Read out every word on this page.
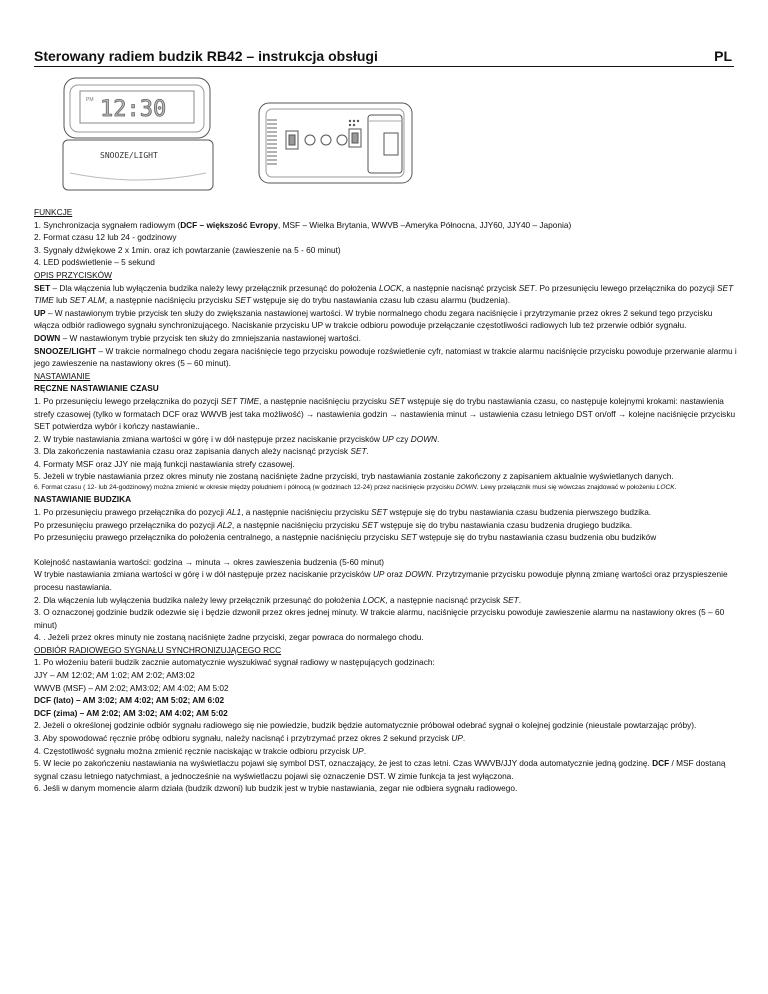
Sterowany radiem budzik RB42 – instrukcja obsługi	PL
PM 12:30
SNOOZE/LIGHT

FUNKCJE

1. Synchronizacja sygnałem radiowym (DCF – większość Evropy, MSF – Wielka Brytania, WWVB –Ameryka Północna, JJY60, JJY40 – Japonia)

2. Format czasu 12 lub 24 - godzinowy

3. Sygnały dźwiękowe 2 x 1min. oraz ich powtarzanie (zawieszenie na 5 - 60 minut)

4. LED podświetlenie – 5 sekund

OPIS PRZYCISKÓW

SET – Dla włączenia lub wyłączenia budzika należy lewy przełącznik przesunąć do położenia LOCK, a następnie nacisnąć przycisk SET. Po przesunięciu lewego przełącznika do pozycji SET TIME lub SET ALM, a następnie naciśnięciu przycisku SET wstępuje się do trybu nastawiania czasu lub czasu alarmu (budzenia).

UP – W nastawionym trybie przycisk ten służy do zwiększania nastawionej wartości. W trybie normalnego chodu zegara naciśnięcie i przytrzymanie przez okres 2 sekund tego przycisku włącza odbiór radiowego sygnału synchronizującego. Naciskanie przycisku UP w trakcie odbioru powoduje przełączanie częstotliwości radiowych lub też przerwie odbiór sygnału.

DOWN – W nastawionym trybie przycisk ten służy do zmniejszania nastawionej wartości.

SNOOZE/LIGHT – W trakcie normalnego chodu zegara naciśnięcie tego przycisku powoduje rozświetlenie cyfr, natomiast w trakcie alarmu naciśnięcie przycisku powoduje przerwanie alarmu i jego zawieszenie na nastawiony okres (5 – 60 minut).

NASTAWIANIE

RĘCZNE NASTAWIANIE CZASU

1. Po przesunięciu lewego przełącznika do pozycji SET TIME, a następnie naciśnięciu przycisku SET wstępuje się do trybu nastawiania czasu, co następuje kolejnymi krokami: nastawienia strefy czasowej (tylko w formatach DCF oraz WWVB jest taka możliwość) → nastawienia godzin → nastawienia minut → ustawienia czasu letniego DST on/off → kolejne naciśnięcie przycisku SET potwierdza wybór i kończy nastawianie..

2. W trybie nastawiania zmiana wartości w górę i w dół następuje przez naciskanie przycisków UP czy DOWN.

3. Dla zakończenia nastawiania czasu oraz zapisania danych ależy nacisnąć przycisk SET.

4. Formaty MSF oraz JJY nie mają funkcji nastawiania strefy czasowej.

5. Jeżeli w trybie nastawiania przez okres minuty nie zostaną naciśnięte żadne przyciski, tryb nastawiania zostanie zakończony z zapisaniem aktualnie wyświetlanych danych.

6. Format czasu ( 12- lub 24-godzinowy) można zmienić w okresie między południem i północą (w godzinach 12-24) przez naciśnięcie przycisku DOWN. Lewy przełącznik musi się wówczas znajdować w położeniu LOCK.

NASTAWIANIE BUDZIKA

1. Po przesunięciu prawego przełącznika do pozycji AL1, a następnie naciśnięciu przycisku SET wstępuje się do trybu nastawiania czasu budzenia pierwszego budzika.

Po przesunięciu prawego przełącznika do pozycji AL2, a następnie naciśnięciu przycisku SET wstępuje się do trybu nastawiania czasu budzenia drugiego budzika.

Po przesunięciu prawego przełącznika do położenia centralnego, a następnie naciśnięciu przycisku SET wstępuje się do trybu nastawiania czasu budzenia obu budzików

Kolejność nastawiania wartości: godzina → minuta → okres zawieszenia budzenia (5-60 minut)

W trybie nastawiania zmiana wartości w górę i w dół następuje przez naciskanie przycisków UP oraz DOWN. Przytrzymanie przycisku powoduje płynną zmianę wartości oraz przyspieszenie procesu nastawiania.

2. Dla włączenia lub wyłączenia budzika należy lewy przełącznik przesunąć do położenia LOCK, a następnie nacisnąć przycisk SET.

3. O oznaczonej godzinie budzik odezwie się i będzie dzwonił przez okres jednej minuty. W trakcie alarmu, naciśnięcie przycisku powoduje zawieszenie alarmu na nastawiony okres (5 – 60 minut)

4. . Jeżeli przez okres minuty nie zostaną naciśnięte żadne przyciski, zegar powraca do normalego chodu.

ODBIÓR RADIOWEGO SYGNAŁU SYNCHRONIZUJĄCEGO RCC

1. Po włożeniu baterii budzik zacznie automatycznie wyszukiwać sygnał radiowy w następujących godzinach:

JJY – AM 12:02; AM 1:02; AM 2:02; AM3:02

WWVB (MSF) – AM 2:02; AM3:02; AM 4:02; AM 5:02

DCF (lato) – AM 3:02; AM 4:02; AM 5:02; AM 6:02

DCF (zima) – AM 2:02; AM 3:02; AM 4:02; AM 5:02

2. Jeżeli o określonej godzinie odbiór sygnału radiowego się nie powiedzie, budzik będzie automatycznie próbował odebrać sygnał o kolejnej godzinie (nieustale powtarzając próby).

3. Aby spowodować ręcznie próbę odbioru sygnału, należy nacisnąć i przytrzymać przez okres 2 sekund przycisk UP.

4. Częstotliwość sygnału można zmienić ręcznie naciskając w trakcie odbioru przycisk UP.

5. W lecie po zakończeniu nastawiania na wyświetlaczu pojawi się symbol DST, oznaczający, że jest to czas letni. Czas WWVB/JJY doda automatycznie jedną godzinę. DCF / MSF dostaną sygnal czasu letniego natychmiast, a jednocześnie na wyświetlaczu pojawi się oznaczenie DST. W zimie funkcja ta jest wyłączona.

6. Jeśli w danym momencie alarm działa (budzik dzwoni) lub budzik jest w trybie nastawiania, zegar nie odbiera sygnału radiowego.
